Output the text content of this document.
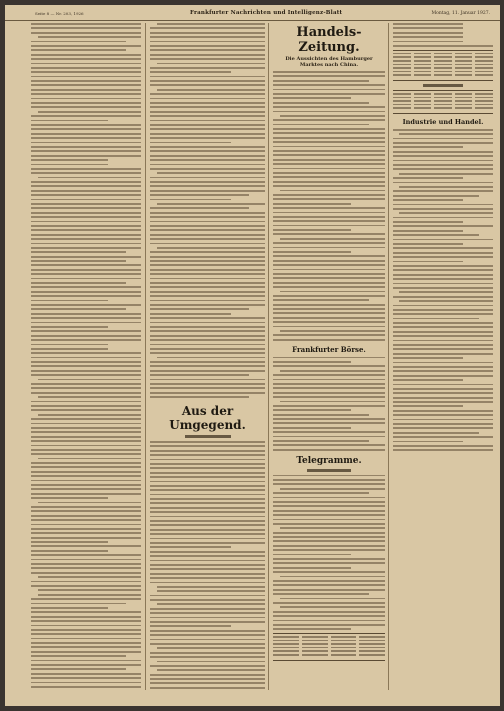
Seite 8 — Nr. 203, 1926	Frankfurter Nachrichten und Intelligenz-Blatt	Montag, 11. Januar 1927.
Aus der Umgegend.
Handels-Zeitung.
Die Aussichten des Hamburger Marktes nach China.
Frankfurter Börse.
Telegramme.
Industrie und Handel.
